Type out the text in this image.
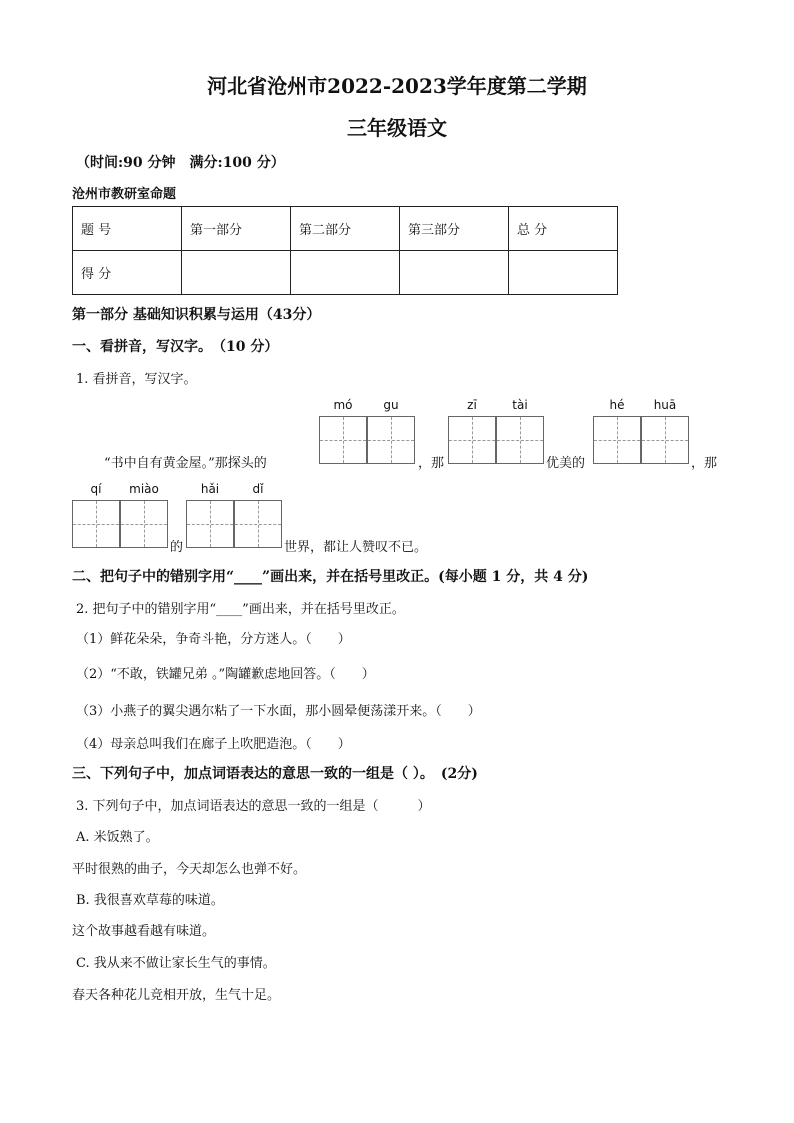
河北省沧州市2022-2023学年度第二学期
三年级语文
（时间:90 分钟　满分:100 分）
沧州市教研室命题
题 号	第一部分	第二部分	第三部分	总 分
得 分				
第一部分 基础知识积累与运用（43分）
一、看拼音，写汉字。　（10 分）
1. 看拼音，写汉字。
mó	gu	zī	tài	hé	huā
“书中自有黄金屋。”那探头的	，那	优美的	，那
qí	miào	hǎi	dǐ
的	世界，都让人赞叹不已。
二、把句子中的错别字用“____”画出来，并在括号里改正。(每小题 1 分，共 4 分)
2. 把句子中的错别字用“____”画出来，并在括号里改正。
（1）鲜花朵朵，争奇斗艳，分方迷人。（　　）
（2）“不敢，铁罐兄弟 。”陶罐歉虑地回答。（　　）
（3）小燕子的翼尖遇尔粘了一下水面，那小圆晕便荡漾开来。（　　）
（4）母亲总叫我们在廊子上吹肥造泡。（　　）
三、下列句子中，加点词语表达的意思一致的一组是（ ）。　(2分)
3. 下列句子中，加点词语表达的意思一致的一组是（　　　）
A. 米饭熟了。
平时很熟的曲子，今天却怎么也弹不好。
B. 我很喜欢草莓的味道。
这个故事越看越有味道。
C. 我从来不做让家长生气的事情。
春天各种花儿竞相开放，生气十足。
